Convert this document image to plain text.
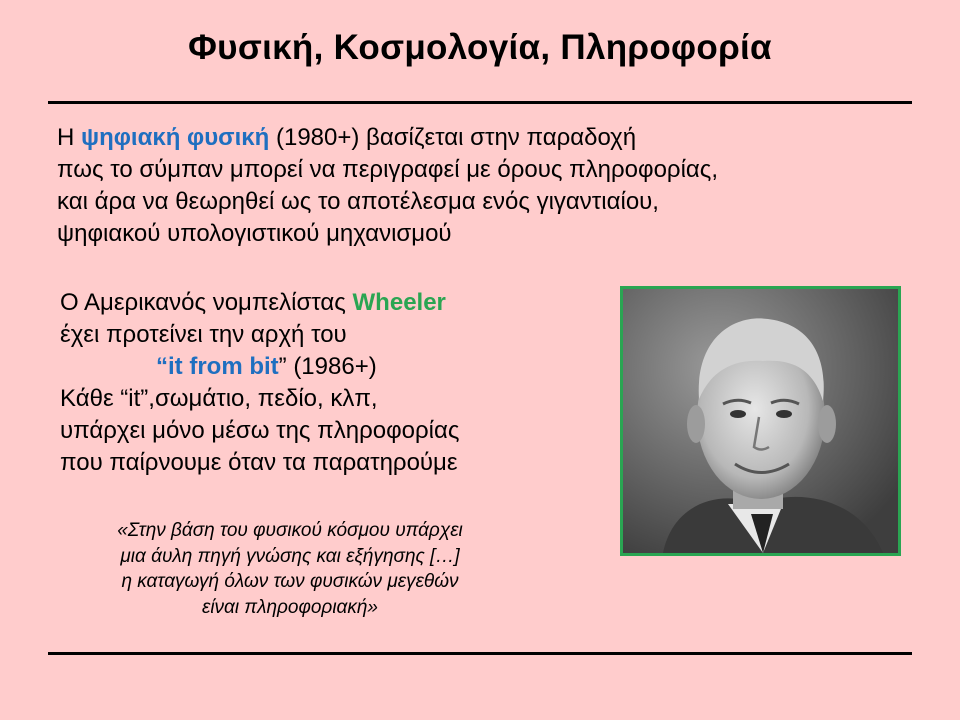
Φυσική, Κοσμολογία, Πληροφορία
Η ψηφιακή φυσική (1980+) βασίζεται στην παραδοχή
πως το σύμπαν μπορεί να περιγραφεί με όρους πληροφορίας,
και άρα να θεωρηθεί ως το αποτέλεσμα ενός γιγαντιαίου,
ψηφιακού υπολογιστικού μηχανισμού
Ο Αμερικανός νομπελίστας Wheeler
έχει προτείνει την αρχή του
“it from bit” (1986+)
Κάθε “it”,σωμάτιο, πεδίο, κλπ,
υπάρχει μόνο μέσω της πληροφορίας
που παίρνουμε όταν τα παρατηρούμε
«Στην βάση του φυσικού κόσμου υπάρχει
μια άυλη πηγή γνώσης και εξήγησης […]
η καταγωγή όλων των φυσικών μεγεθών
είναι πληροφοριακή»
